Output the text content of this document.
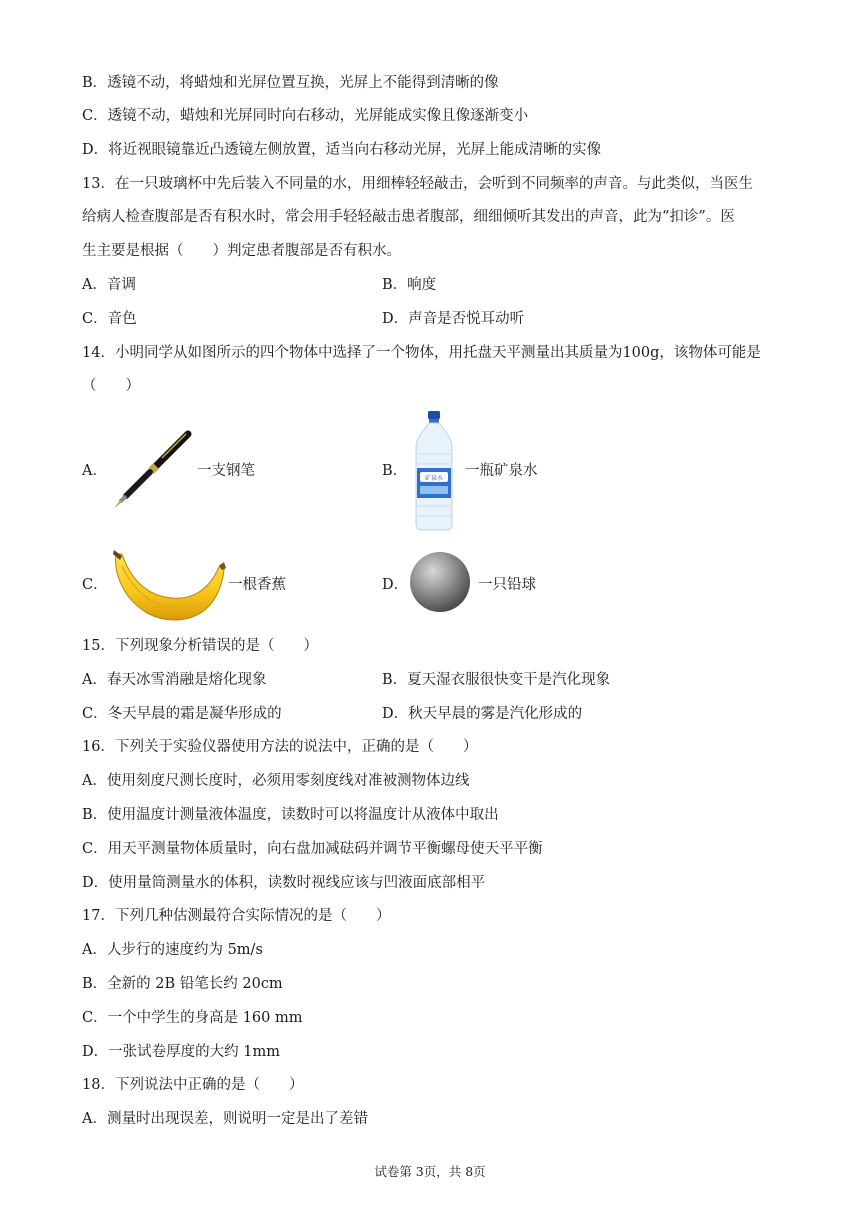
B．透镜不动，将蜡烛和光屏位置互换，光屏上不能得到清晰的像
C．透镜不动，蜡烛和光屏同时向右移动，光屏能成实像且像逐渐变小
D．将近视眼镜靠近凸透镜左侧放置，适当向右移动光屏，光屏上能成清晰的实像
13．在一只玻璃杯中先后装入不同量的水，用细棒轻轻敲击，会听到不同频率的声音。与此类似，当医生
给病人检查腹部是否有积水时，常会用手轻轻敲击患者腹部，细细倾听其发出的声音，此为“扣诊”。医
生主要是根据（　　）判定患者腹部是否有积水。
A．音调	B．响度
C．音色	D．声音是否悦耳动听
14．小明同学从如图所示的四个物体中选择了一个物体，用托盘天平测量出其质量为100g，该物体可能是
（　　）
A．	一支钢笔	B．	矿泉水 一瓶矿泉水
C．	一根香蕉	D．	一只铅球
15．下列现象分析错误的是（　　）
A．春天冰雪消融是熔化现象	B．夏天湿衣服很快变干是汽化现象
C．冬天早晨的霜是凝华形成的	D．秋天早晨的雾是汽化形成的
16．下列关于实验仪器使用方法的说法中，正确的是（　　）
A．使用刻度尺测长度时，必须用零刻度线对准被测物体边线
B．使用温度计测量液体温度，读数时可以将温度计从液体中取出
C．用天平测量物体质量时，向右盘加减砝码并调节平衡螺母使天平平衡
D．使用量筒测量水的体积，读数时视线应该与凹液面底部相平
17．下列几种估测最符合实际情况的是（　　）
A．人步行的速度约为 5m/s
B．全新的 2B 铅笔长约 20cm
C．一个中学生的身高是 160 mm
D．一张试卷厚度的大约 1mm
18．下列说法中正确的是（　　）
A．测量时出现误差，则说明一定是出了差错
试卷第 3页，共 8页
